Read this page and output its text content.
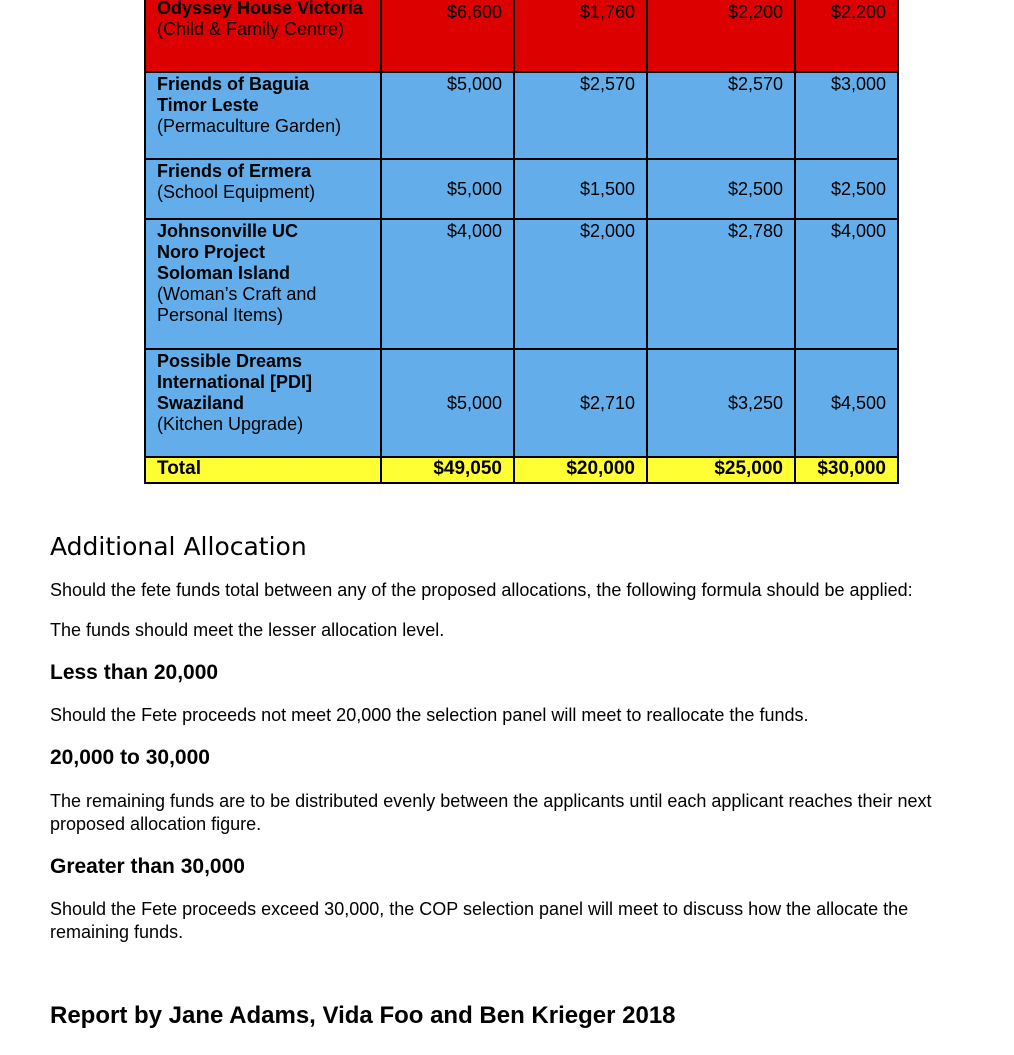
Odyssey House Victoria
(Child & Family Centre)	$6,600	$1,760	$2,200	$2,200

Friends of Baguia Timor Leste
(Permaculture Garden)	$5,000	$2,570	$2,570	$3,000

Friends of Ermera
(School Equipment)	$5,000	$1,500	$2,500	$2,500

Johnsonville UC Noro Project Soloman Island
(Woman’s Craft and Personal Items)	$4,000	$2,000	$2,780	$4,000

Possible Dreams International [PDI] Swaziland
(Kitchen Upgrade)	$5,000	$2,710	$3,250	$4,500
Total	$49,050	$20,000	$25,000	$30,000
Additional Allocation

Should the fete funds total between any of the proposed allocations, the following formula should be applied:

The funds should meet the lesser allocation level.

Less than 20,000

Should the Fete proceeds not meet 20,000 the selection panel will meet to reallocate the funds.

20,000 to 30,000

The remaining funds are to be distributed evenly between the applicants until each applicant reaches their next proposed allocation figure.

Greater than 30,000

Should the Fete proceeds exceed 30,000, the COP selection panel will meet to discuss how the allocate the remaining funds.

Report by Jane Adams, Vida Foo and Ben Krieger 2018
